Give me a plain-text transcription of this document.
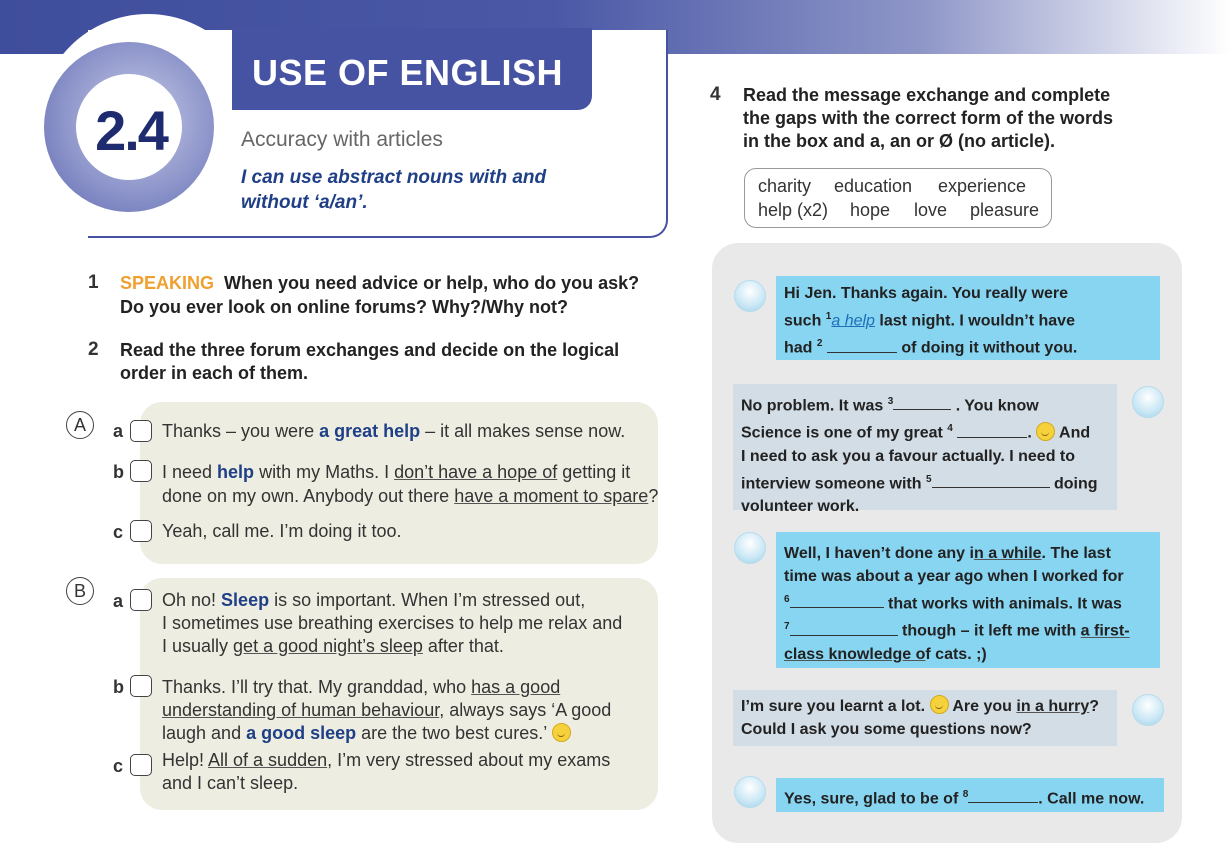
2.4
USE OF ENGLISH
Accuracy with articles
I can use abstract nouns with and without ‘a/an’.
1 SPEAKING When you need advice or help, who do you ask?
Do you ever look on online forums? Why?/Why not?
2 Read the three forum exchanges and decide on the logical
order in each of them.
A	a Thanks – you were a great help – it all makes sense now.
b I need help with my Maths. I don’t have a hope of getting it
done on my own. Anybody out there have a moment to spare?
c Yeah, call me. I’m doing it too.
B	a Oh no! Sleep is so important. When I’m stressed out,
I sometimes use breathing exercises to help me relax and
I usually get a good night’s sleep after that.
b Thanks. I’ll try that. My granddad, who has a good
understanding of human behaviour, always says ‘A good
laugh and a good sleep are the two best cures.’
c Help! All of a sudden, I’m very stressed about my exams
and I can’t sleep.
4 Read the message exchange and complete
the gaps with the correct form of the words
in the box and a, an or Ø (no article).
charity education experience
help (x2) hope love pleasure
Hi Jen. Thanks again. You really were
such $^1$a help last night. I wouldn’t have
had $^2$	of doing it without you.
No problem. It was $^3$	. You know
Science is one of my great $^4$	.  And
I need to ask you a favour actually. I need to
interview someone with $^5$	doing
volunteer work.
Well, I haven’t done any in a while. The last
time was about a year ago when I worked for
$^6$	that works with animals. It was
$^7$	though – it left me with a first-
class knowledge of cats. ;)
I’m sure you learnt a lot.  Are you in a hurry?
Could I ask you some questions now?
Yes, sure, glad to be of $^8$	. Call me now.
